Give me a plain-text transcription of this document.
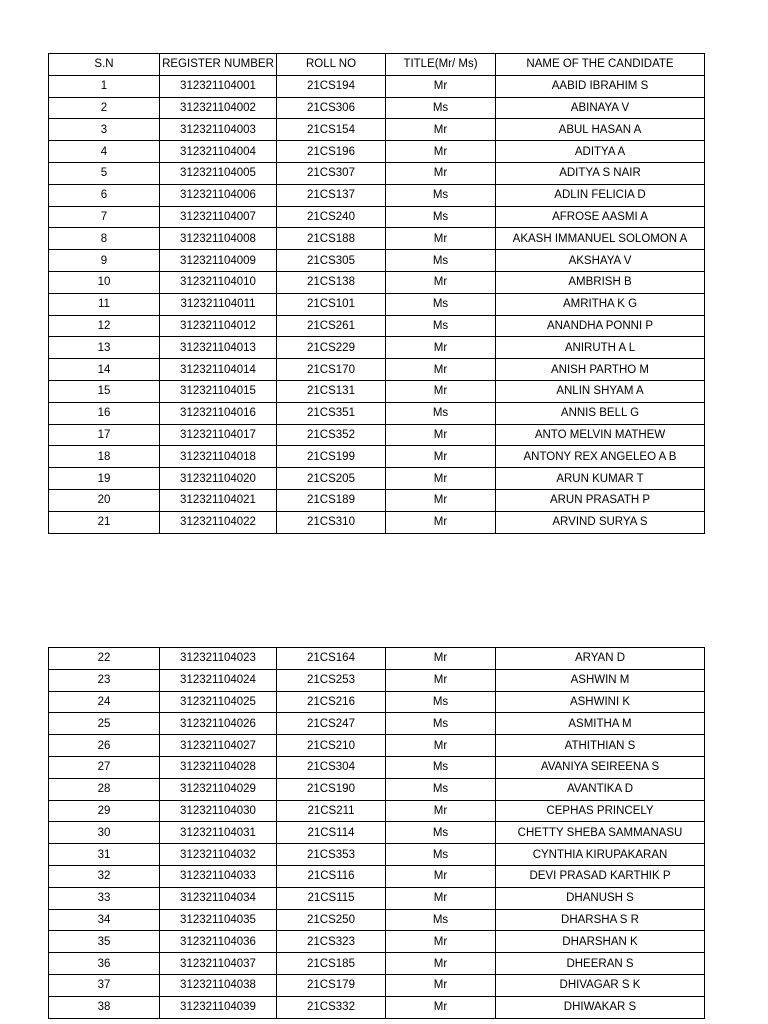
S.N	REGISTER NUMBER	ROLL NO	TITLE(Mr/ Ms)	NAME OF THE CANDIDATE
1	312321104001	21CS194	Mr	AABID IBRAHIM S
2	312321104002	21CS306	Ms	ABINAYA V
3	312321104003	21CS154	Mr	ABUL HASAN A
4	312321104004	21CS196	Mr	ADITYA A
5	312321104005	21CS307	Mr	ADITYA S NAIR
6	312321104006	21CS137	Ms	ADLIN FELICIA D
7	312321104007	21CS240	Ms	AFROSE AASMI A
8	312321104008	21CS188	Mr	AKASH IMMANUEL SOLOMON A
9	312321104009	21CS305	Ms	AKSHAYA V
10	312321104010	21CS138	Mr	AMBRISH B
11	312321104011	21CS101	Ms	AMRITHA K G
12	312321104012	21CS261	Ms	ANANDHA PONNI P
13	312321104013	21CS229	Mr	ANIRUTH A L
14	312321104014	21CS170	Mr	ANISH PARTHO M
15	312321104015	21CS131	Mr	ANLIN SHYAM A
16	312321104016	21CS351	Ms	ANNIS BELL G
17	312321104017	21CS352	Mr	ANTO MELVIN MATHEW
18	312321104018	21CS199	Mr	ANTONY REX ANGELEO A B
19	312321104020	21CS205	Mr	ARUN KUMAR T
20	312321104021	21CS189	Mr	ARUN PRASATH P
21	312321104022	21CS310	Mr	ARVIND SURYA S
22	312321104023	21CS164	Mr	ARYAN D
23	312321104024	21CS253	Mr	ASHWIN M
24	312321104025	21CS216	Ms	ASHWINI K
25	312321104026	21CS247	Ms	ASMITHA M
26	312321104027	21CS210	Mr	ATHITHIAN S
27	312321104028	21CS304	Ms	AVANIYA SEIREENA S
28	312321104029	21CS190	Ms	AVANTIKA D
29	312321104030	21CS211	Mr	CEPHAS PRINCELY
30	312321104031	21CS114	Ms	CHETTY SHEBA SAMMANASU
31	312321104032	21CS353	Ms	CYNTHIA KIRUPAKARAN
32	312321104033	21CS116	Mr	DEVI PRASAD KARTHIK P
33	312321104034	21CS115	Mr	DHANUSH S
34	312321104035	21CS250	Ms	DHARSHA S R
35	312321104036	21CS323	Mr	DHARSHAN K
36	312321104037	21CS185	Mr	DHEERAN S
37	312321104038	21CS179	Mr	DHIVAGAR S K
38	312321104039	21CS332	Mr	DHIWAKAR S
